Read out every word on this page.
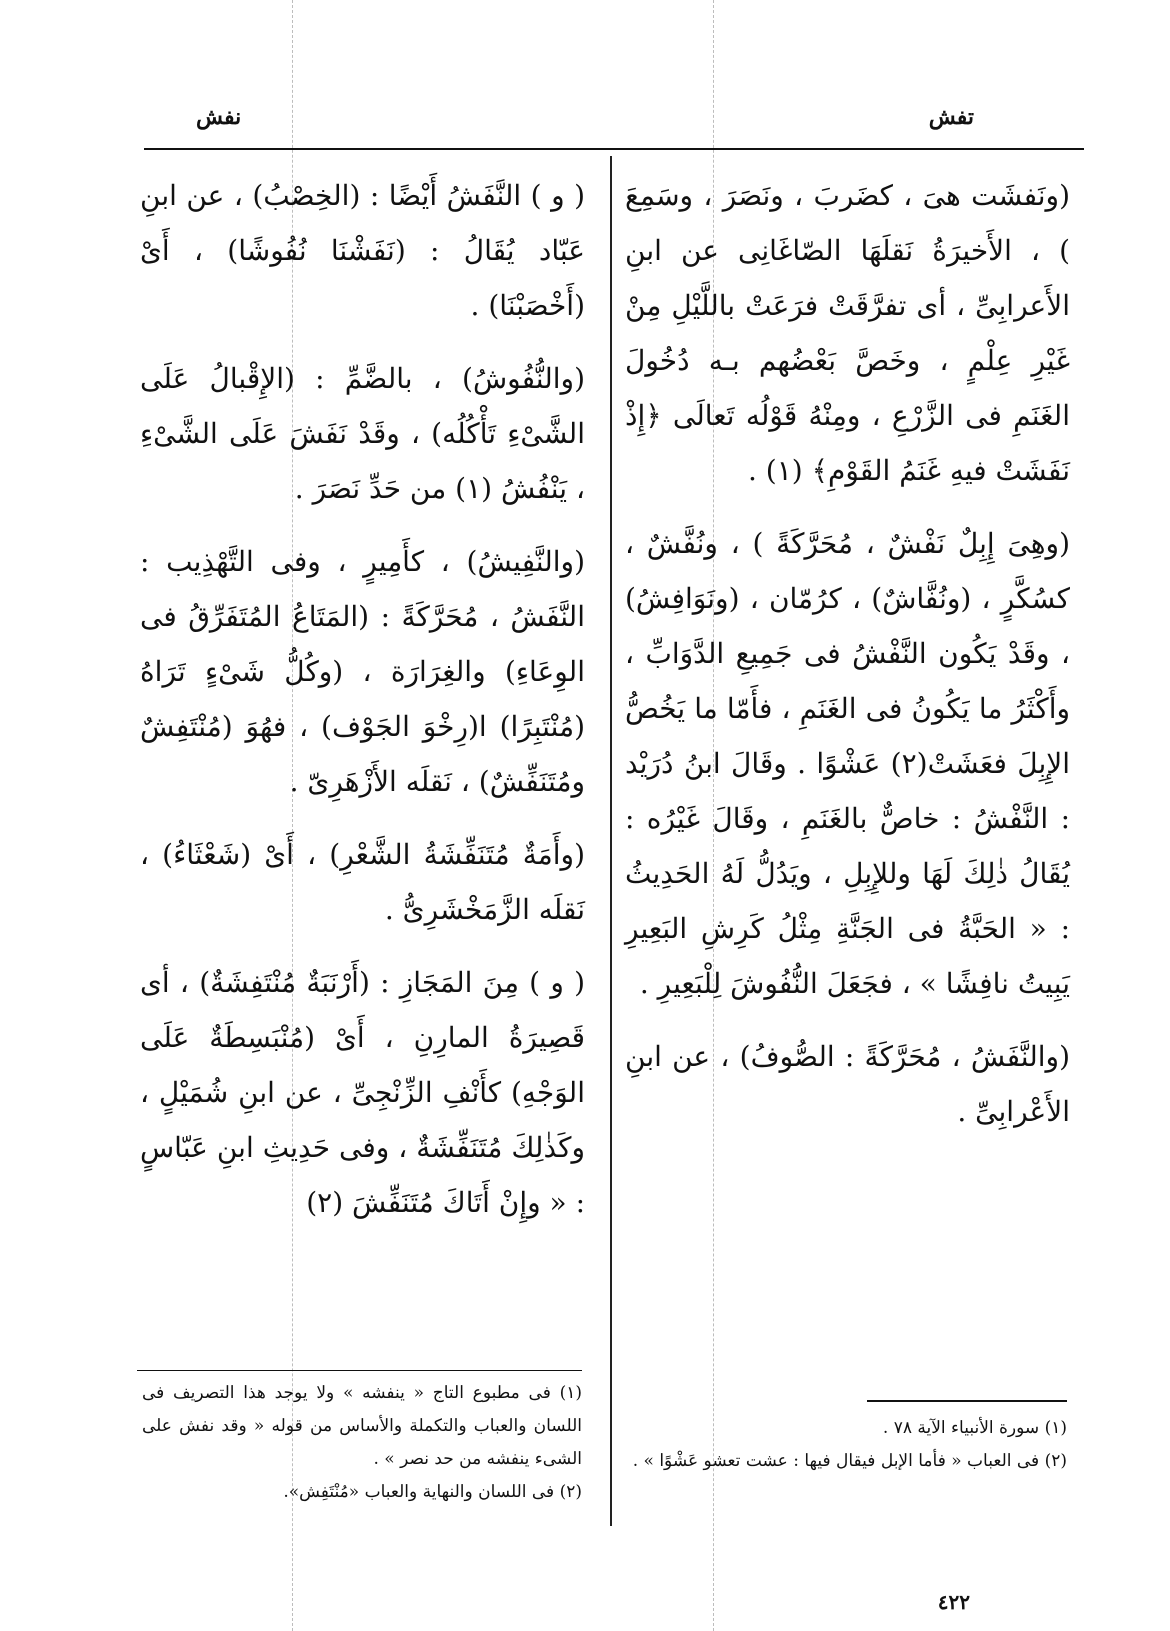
تفش
نفش

(ونَفشَت هىَ ، كضَربَ ، ونَصَرَ ، وسَمِعَ ) ، الأَخيرَةُ نَقلَهَا الصّاغَانِى عن ابنِ الأَعرابِىِّ ، أى تفرَّقَتْ فرَعَتْ باللَّيْلِ مِنْ غَيْرِ عِلْمٍ ، وخَصَّ بَعْضُهم بـه دُخُولَ الغَنَمِ فى الزَّرْعِ ، ومِنْهُ قَوْلُه تَعالَى ﴿إِذْ نَفَشَتْ فيهِ غَنَمُ القَوْمِ﴾ (١) .

(وهِىَ إِبِلٌ نَفْشٌ ، مُحَرَّكَةً ) ، ونُفَّشٌ ، كسُكَّرٍ ، (ونُفَّاشٌ) ، كرُمّان ، (ونَوَافِشُ) ، وقَدْ يَكُون النَّفْشُ فى جَمِيعِ الدَّوَابِّ ، وأَكْثَرُ ما يَكُونُ فى الغَنَمِ ، فأَمّا ما يَخُصُّ الإِبِلَ فعَشَتْ(٢) عَشْوًا . وقَالَ ابنُ دُرَيْد : النَّفْشُ : خاصٌّ بالغَنَمِ ، وقَالَ غَيْرُه : يُقَالُ ذٰلِكَ لَهَا وللإِبِلِ ، ويَدُلُّ لَهُ الحَدِيثُ : « الحَبَّةُ فى الجَنَّةِ مِثْلُ كَرِشِ البَعِيرِ يَبِيتُ نافِشًا » ، فجَعَلَ النُّفُوشَ لِلْبَعِيرِ .

(والنَّفَشُ ، مُحَرَّكَةً : الصُّوفُ) ، عن ابنِ الأَعْرابِىِّ .

(١) سورة الأنبياء الآية ٧٨ .

(٢) فى العباب « فأما الإبل فيقال فيها : عشت تعشو عَشْوًا » .

( و ) النَّفَشُ أَيْضًا : (الخِصْبُ) ، عن ابنِ عَبّاد يُقَالُ : (نَفَشْنَا نُفُوشًا) ، أَىْ (أَخْصَبْنَا) .

(والنُّفُوشُ) ، بالضَّمِّ : (الإِقْبالُ عَلَى الشَّىْءِ تَأْكُلُه) ، وقَدْ نَفَشَ عَلَى الشَّىْءِ ، يَنْفُشُ (١) من حَدِّ نَصَرَ .

(والنَّفِيشُ) ، كأَمِيرٍ ، وفى التَّهْذِيب : النَّفَشُ ، مُحَرَّكَةً : (المَتَاعُ المُتَفَرِّقُ فى الوِعَاءِ) والغِرَارَة ، (وكُلُّ شَىْءٍ تَرَاهُ (مُنْتَبِرًا) ا(رِخْوَ الجَوْف) ، فهُوَ (مُنْتَفِشٌ ومُتَنَفِّشٌ) ، نَقلَه الأَزْهَرِىّ .

(وأَمَةٌ مُتَنَفِّشَةُ الشَّعْرِ) ، أَىْ (شَعْثَاءُ) ، نَقلَه الزَّمَخْشَرِىُّ .

( و ) مِنَ المَجَازِ : (أَرْنَبَةٌ مُنْتَفِشَةٌ) ، أى قَصِيرَةُ المارِنِ ، أَىْ (مُنْبَسِطَةٌ عَلَى الوَجْهِ) كأَنْفِ الزِّنْجِىِّ ، عن ابنِ شُمَيْلٍ ، وكَذٰلِكَ مُتَنَفِّشَةٌ ، وفى حَدِيثِ ابنِ عَبّاسٍ : « وإِنْ أَتَاكَ مُتَنَفِّشَ (٢)

(١) فى مطبوع التاج « ينفشه » ولا يوجد هذا التصريف فى اللسان والعباب والتكملة والأساس من قوله « وقد نفش على الشىء ينفشه من حد نصر » .

(٢) فى اللسان والنهاية والعباب «مُنْتَفِش».

٤٢٢
